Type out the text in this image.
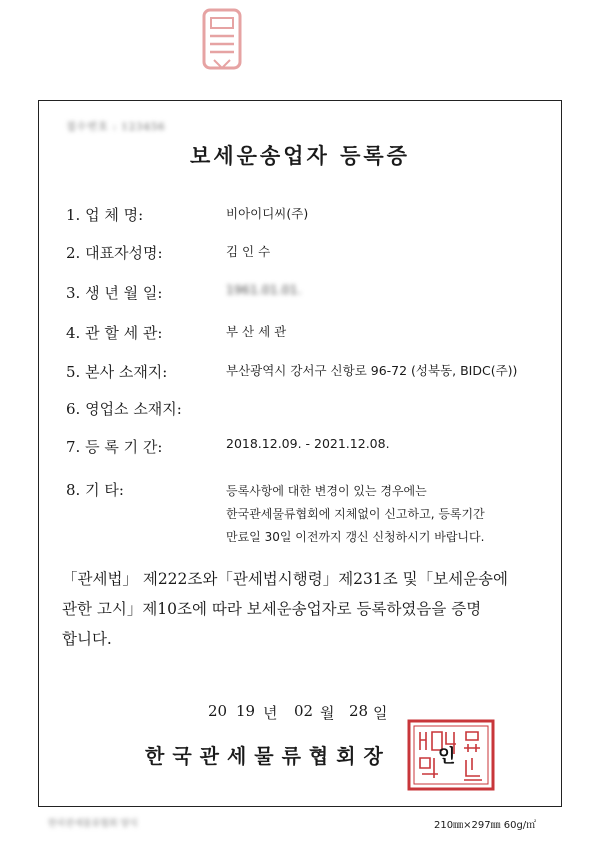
접수번호 : 123456
보세운송업자 등록증
1. 업 체 명:	비아이디씨(주)
2. 대표자성명:	김 인 수
3. 생 년 월 일:	1961.01.01.
4. 관 할 세 관:	부 산 세 관
5. 본사 소재지:	부산광역시 강서구 신항로 96-72 (성북동, BIDC(주))
6. 영업소 소재지:
7. 등 록 기 간:	2018.12.09. - 2021.12.08.
8. 기 타:	등록사항에 대한 변경이 있는 경우에는
한국관세물류협회에 지체없이 신고하고, 등록기간
만료일 30일 이전까지 갱신 신청하시기 바랍니다.
「관세법」 제222조와「관세법시행령」제231조 및「보세운송에
관한 고시」제10조에 따라 보세운송업자로 등록하였음을 증명
합니다.
20 19 년 02 월 28 일
한국관세물류협회장	인
한국관세물류협회 양식	210㎜×297㎜ 60g/㎡
